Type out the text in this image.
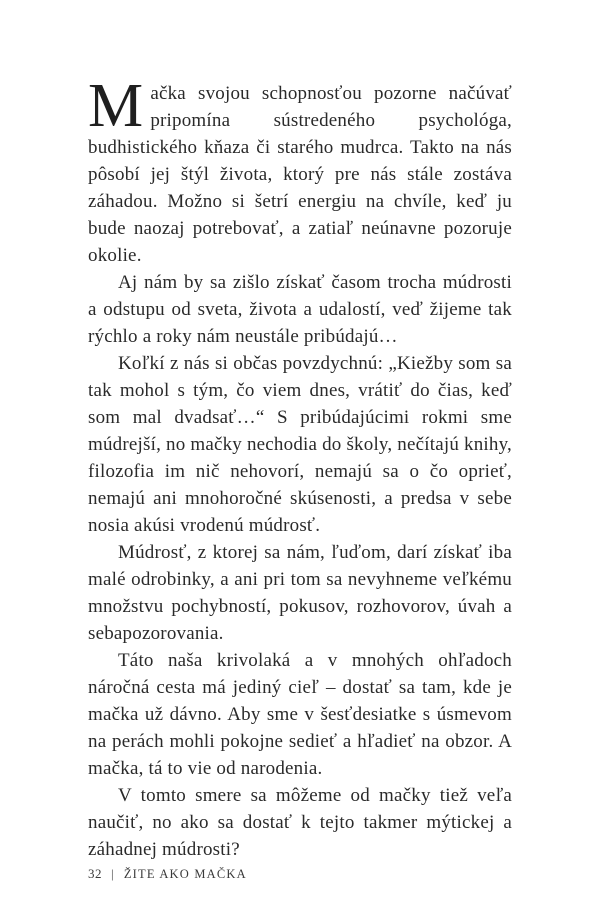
Mačka svojou schopnosťou pozorne načúvať pripomína sústredeného psychológa, budhistického kňaza či starého mudrca. Takto na nás pôsobí jej štýl života, ktorý pre nás stále zostáva záhadou. Možno si šetrí energiu na chvíle, keď ju bude naozaj potrebovať, a zatiaľ neúnavne pozoruje okolie.

Aj nám by sa zišlo získať časom trocha múdrosti a odstupu od sveta, života a udalostí, veď žijeme tak rýchlo a roky nám neustále pribúdajú…

Koľkí z nás si občas povzdychnú: „Kiežby som sa tak mohol s tým, čo viem dnes, vrátiť do čias, keď som mal dvadsať…“ S pribúdajúcimi rokmi sme múdrejší, no mačky nechodia do školy, nečítajú knihy, filozofia im nič nehovorí, nemajú sa o čo oprieť, nemajú ani mnohoročné skúsenosti, a predsa v sebe nosia akúsi vrodenú múdrosť.

Múdrosť, z ktorej sa nám, ľuďom, darí získať iba malé odrobinky, a ani pri tom sa nevyhneme veľkému množstvu pochybností, pokusov, rozhovorov, úvah a sebapozorovania.

Táto naša krivolaká a v mnohých ohľadoch náročná cesta má jediný cieľ – dostať sa tam, kde je mačka už dávno. Aby sme v šesťdesiatke s úsmevom na perách mohli pokojne sedieť a hľadieť na obzor. A mačka, tá to vie od narodenia.

V tomto smere sa môžeme od mačky tiež veľa naučiť, no ako sa dostať k tejto takmer mýtickej a záhadnej múdrosti?

32 | ŽITE AKO MAČKA
